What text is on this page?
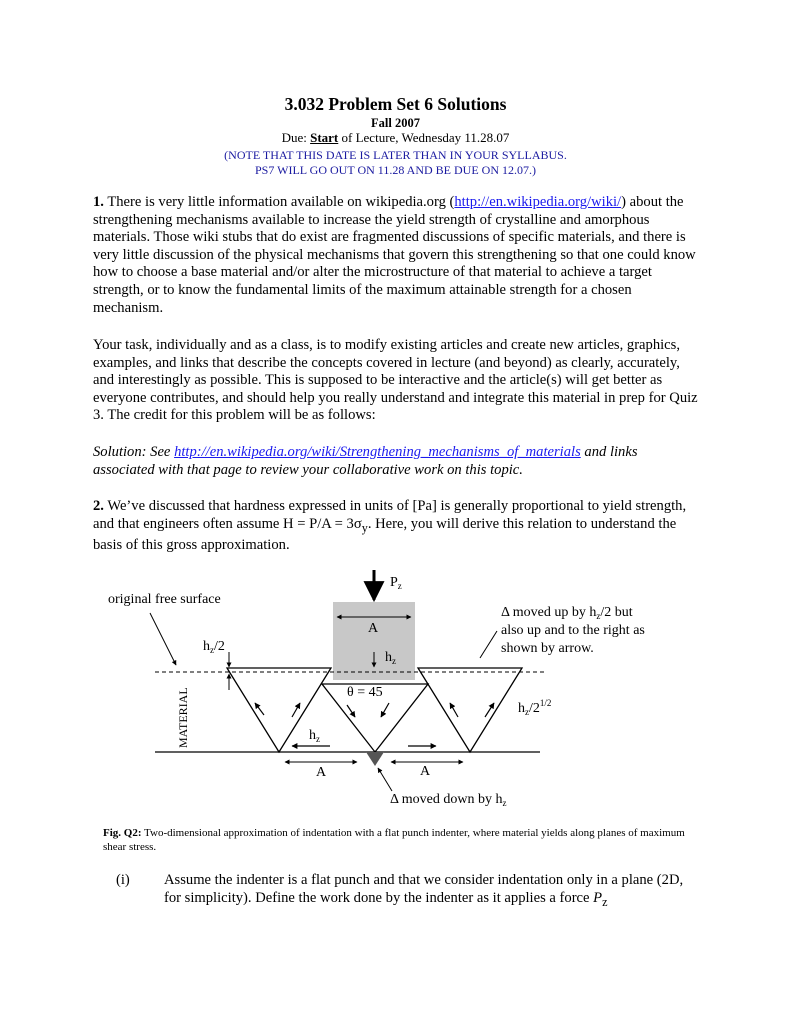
3.032 Problem Set 6 Solutions
Fall 2007
Due: Start of Lecture, Wednesday 11.28.07
(NOTE THAT THIS DATE IS LATER THAN IN YOUR SYLLABUS.
PS7 WILL GO OUT ON 11.28 AND BE DUE ON 12.07.)
1. There is very little information available on wikipedia.org (http://en.wikipedia.org/wiki/) about the strengthening mechanisms available to increase the yield strength of crystalline and amorphous materials. Those wiki stubs that do exist are fragmented discussions of specific materials, and there is very little discussion of the physical mechanisms that govern this strengthening so that one could know how to choose a base material and/or alter the microstructure of that material to achieve a target strength, or to know the fundamental limits of the maximum attainable strength for a chosen mechanism.
Your task, individually and as a class, is to modify existing articles and create new articles, graphics, examples, and links that describe the concepts covered in lecture (and beyond) as clearly, accurately, and interestingly as possible. This is supposed to be interactive and the article(s) will get better as everyone contributes, and should help you really understand and integrate this material in prep for Quiz 3. The credit for this problem will be as follows:
Solution: See http://en.wikipedia.org/wiki/Strengthening_mechanisms_of_materials and links associated with that page to review your collaborative work on this topic.
2. We’ve discussed that hardness expressed in units of [Pa] is generally proportional to yield strength, and that engineers often assume $H = P/A = 3\sigma_y$. Here, you will derive this relation to understand the basis of this gross approximation.
$P_z$
A
original free surface
$h_z/2$
MATERIAL
$h_z$
θ = 45
$h_z$
A	A
Δ moved down by $h_z$
Δ moved up by $h_z/2$ but
also up and to the right as
shown by arrow.
$h_z/2^{1/2}$
Fig. Q2: Two-dimensional approximation of indentation with a flat punch indenter, where material yields along planes of maximum shear stress.
(i) Assume the indenter is a flat punch and that we consider indentation only in a plane (2D, for simplicity). Define the work done by the indenter as it applies a force $P_z$
